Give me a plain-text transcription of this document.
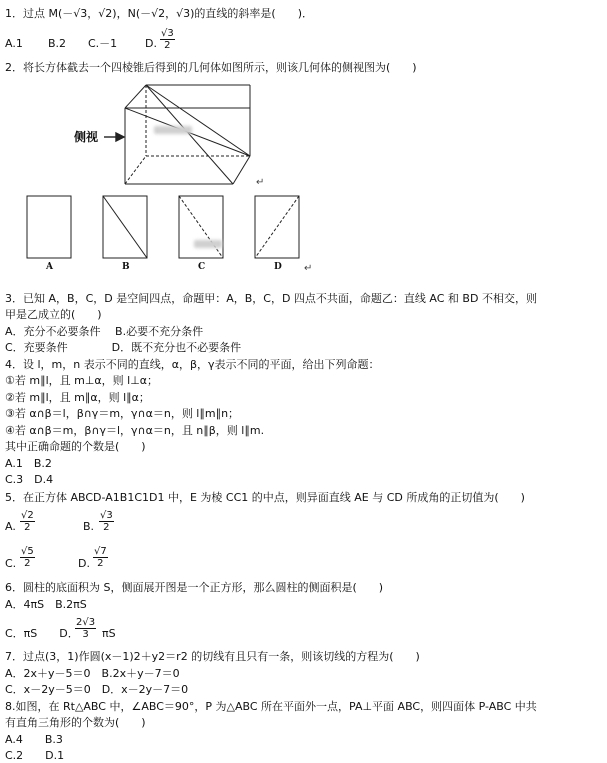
1．过点 M(－√3，√2)，N(－√2，√3)的直线的斜率是(　　)．
A.1 B.2 C.－1	D. $\frac{√3}{2}$
2．将长方体截去一个四棱锥后得到的几何体如图所示，则该几何体的侧视图为(　　)
侧视
↵
↵
A	B	C	D
3．已知 A，B，C，D 是空间四点，命题甲：A，B，C，D 四点不共面，命题乙：直线 AC 和 BD 不相交，则
甲是乙成立的(　　)
A．充分不必要条件　 B.必要不充分条件
C．充要条件　　　　D．既不充分也不必要条件
4．设 l，m，n 表示不同的直线，α，β，γ表示不同的平面，给出下列命题：
①若 m∥l，且 m⊥α，则 l⊥α；
②若 m∥l，且 m∥α，则 l∥α；
③若 α∩β＝l，β∩γ＝m，γ∩α＝n，则 l∥m∥n；
④若 α∩β＝m，β∩γ＝l，γ∩α＝n，且 n∥β，则 l∥m.
其中正确命题的个数是(　　)
A.1　B.2
C.3　D.4
5．在正方体 ABCD-A1B1C1D1 中，E 为棱 CC1 的中点，则异面直线 AE 与 CD 所成角的正切值为(　　)
A. $\frac{√2}{2}$	B. $\frac{√3}{2}$
C. $\frac{√5}{2}$	D. $\frac{√7}{2}$
6．圆柱的底面积为 S，侧面展开图是一个正方形，那么圆柱的侧面积是(　　)
A．4πS　B.2πS
C．πS　　D．
$\frac{2√3}{3}$ πS
7．过点(3，1)作圆(x－1)2＋y2＝r2 的切线有且只有一条，则该切线的方程为(　　)
A．2x＋y－5＝0　B.2x＋y－7＝0
C．x－2y－5＝0　D．x－2y－7＝0
8.如图，在 Rt△ABC 中，∠ABC＝90°，P 为△ABC 所在平面外一点，PA⊥平面 ABC，则四面体 P-ABC 中共
有直角三角形的个数为(　　)
A.4　　B.3
C.2　　D.1
